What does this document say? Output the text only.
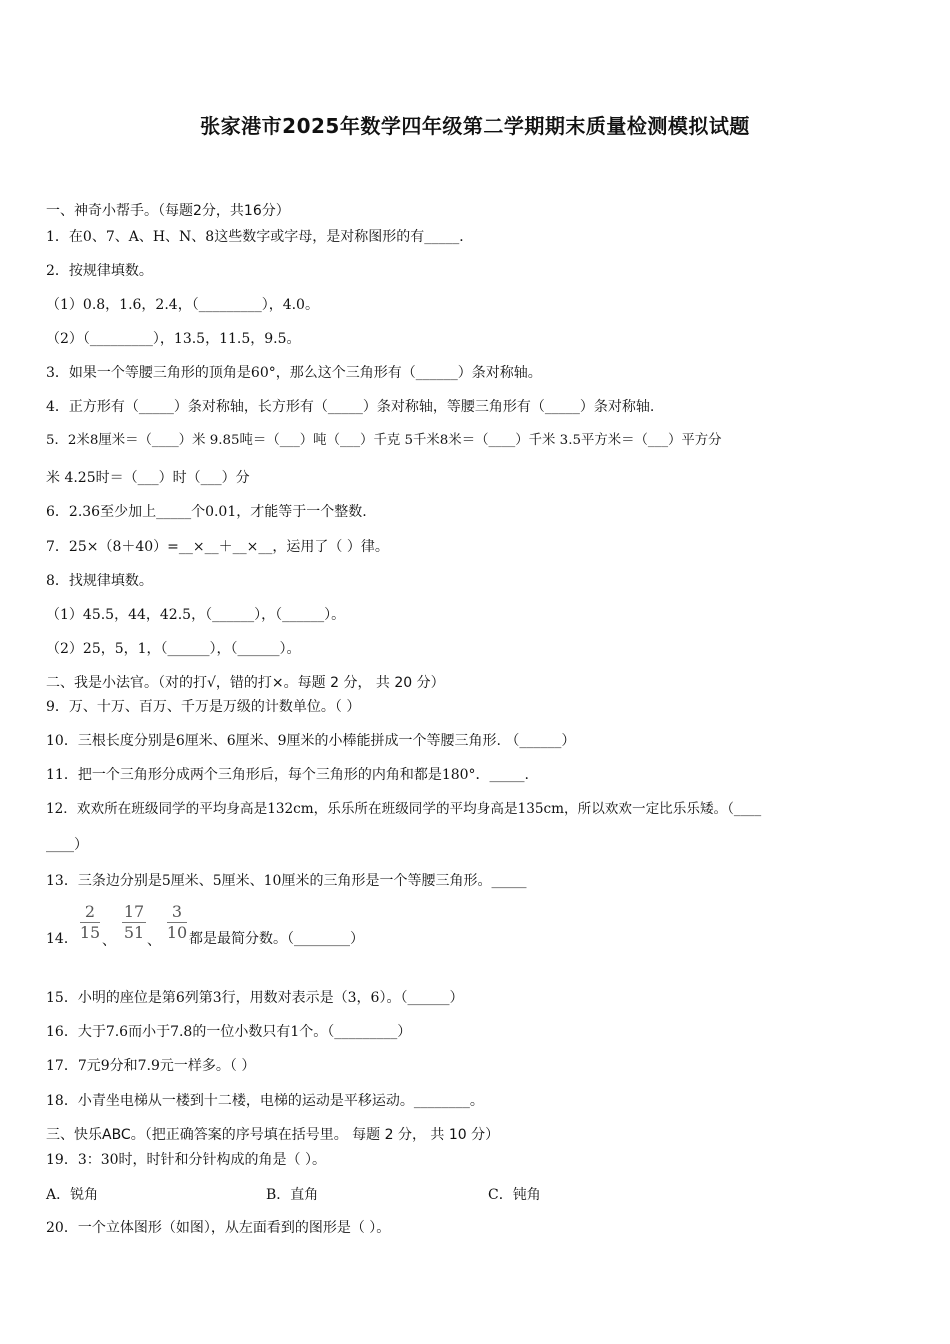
张家港市2025年数学四年级第二学期期末质量检测模拟试题
一、神奇小帮手。（每题2分，共16分）
1．在0、7、A、H、N、8这些数字或字母，是对称图形的有_____．
2．按规律填数。
（1）0.8，1.6，2.4，（_________），4.0。
（2）（_________），13.5，11.5，9.5。
3．如果一个等腰三角形的顶角是60°，那么这个三角形有（______）条对称轴。
4．正方形有（_____）条对称轴，长方形有（_____）条对称轴，等腰三角形有（_____）条对称轴.
5．2米8厘米＝（____）米 9.85吨＝（___）吨（___）千克 5千米8米＝（____）千米 3.5平方米＝（___）平方分
米 4.25时＝（___）时（___）分
6．2.36至少加上_____个0.01，才能等于一个整数.
7．25×（8＋40）=__×__＋__×__，运用了（ ）律。
8．找规律填数。
（1）45.5，44，42.5，（______），（______）。
（2）25，5，1，（______），（______）。
二、我是小法官。（对的打√，错的打×。每题 2 分， 共 20 分）
9．万、十万、百万、千万是万级的计数单位。（ ）
10．三根长度分别是6厘米、6厘米、9厘米的小棒能拼成一个等腰三角形. （______）
11．把一个三角形分成两个三角形后，每个三角形的内角和都是180°．_____.
12．欢欢所在班级同学的平均身高是132cm，乐乐所在班级同学的平均身高是135cm，所以欢欢一定比乐乐矮。（____
____）
13．三条边分别是5厘米、5厘米、10厘米的三角形是一个等腰三角形。_____
14．
2
15 、
17
51 、
3
10 都是最简分数。（________）
15．小明的座位是第6列第3行，用数对表示是（3，6）。（______）
16．大于7.6而小于7.8的一位小数只有1个。（_________）
17．7元9分和7.9元一样多。（ ）
18．小青坐电梯从一楼到十二楼，电梯的运动是平移运动。________。
三、快乐ABC。（把正确答案的序号填在括号里。 每题 2 分， 共 10 分）
19．3：30时，时针和分针构成的角是（ ）。
A．锐角	B．直角	C．钝角
20．一个立体图形（如图），从左面看到的图形是（ ）。
